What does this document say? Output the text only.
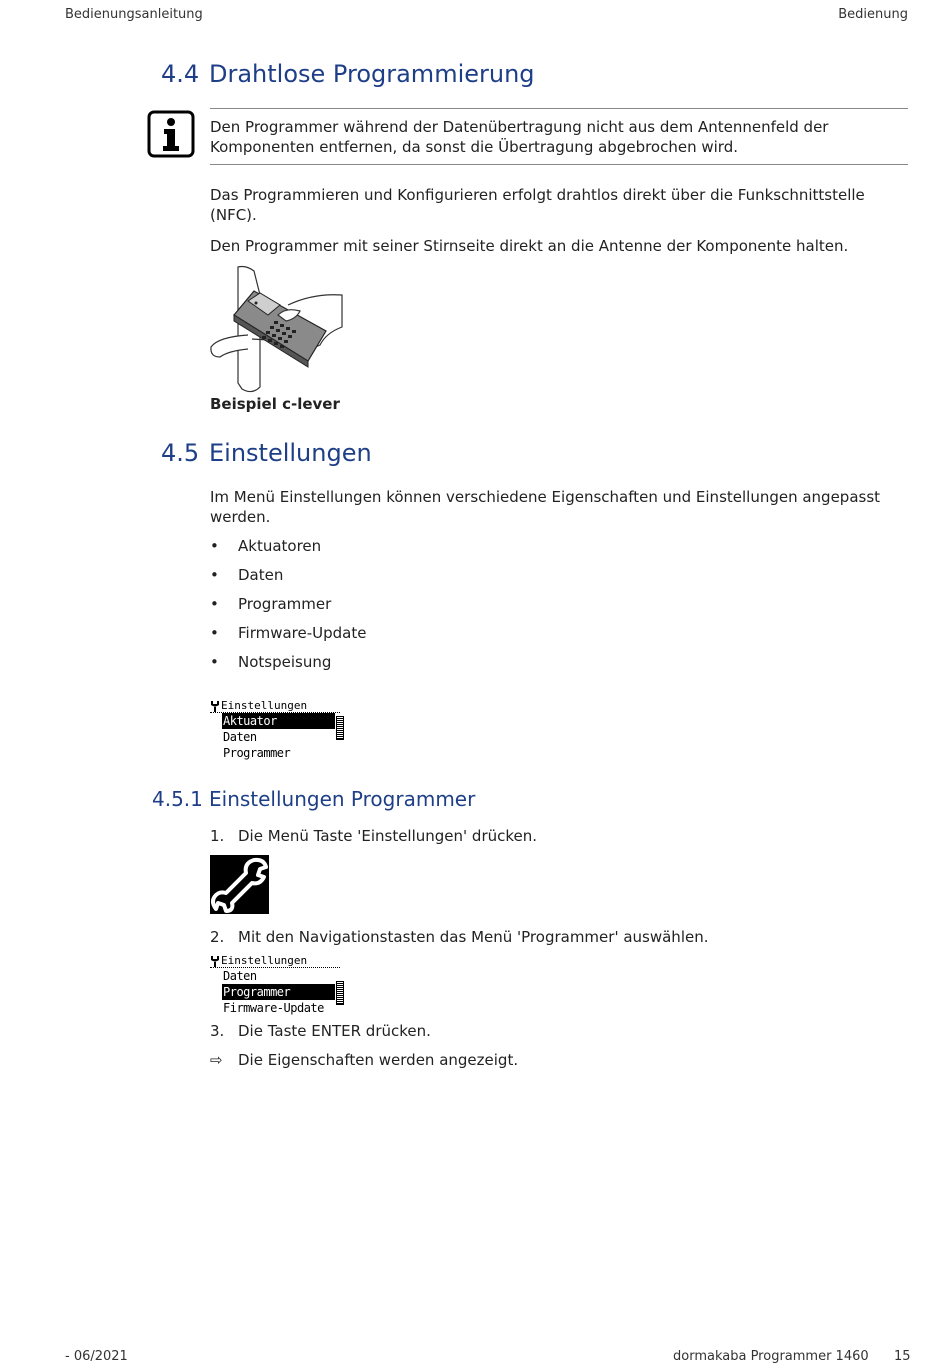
Bedienungsanleitung	Bedienung
4.4 Drahtlose Programmierung
Den Programmer während der Datenübertragung nicht aus dem Antennenfeld der
Komponenten entfernen, da sonst die Übertragung abgebrochen wird.
Das Programmieren und Konfigurieren erfolgt drahtlos direkt über die Funkschnittstelle (NFC).
Den Programmer mit seiner Stirnseite direkt an die Antenne der Komponente halten.
Beispiel c-lever
4.5 Einstellungen
Im Menü Einstellungen können verschiedene Eigenschaften und Einstellungen angepasst werden.
• Aktuatoren
• Daten
• Programmer
• Firmware-Update
• Notspeisung
Einstellungen
Aktuator
Daten
Programmer
4.5.1 Einstellungen Programmer
1. Die Menü Taste 'Einstellungen' drücken.
2. Mit den Navigationstasten das Menü 'Programmer' auswählen.
Einstellungen
Daten
Programmer
Firmware-Update
3. Die Taste ENTER drücken.
⇨ Die Eigenschaften werden angezeigt.
- 06/2021	dormakaba Programmer 1460 15
